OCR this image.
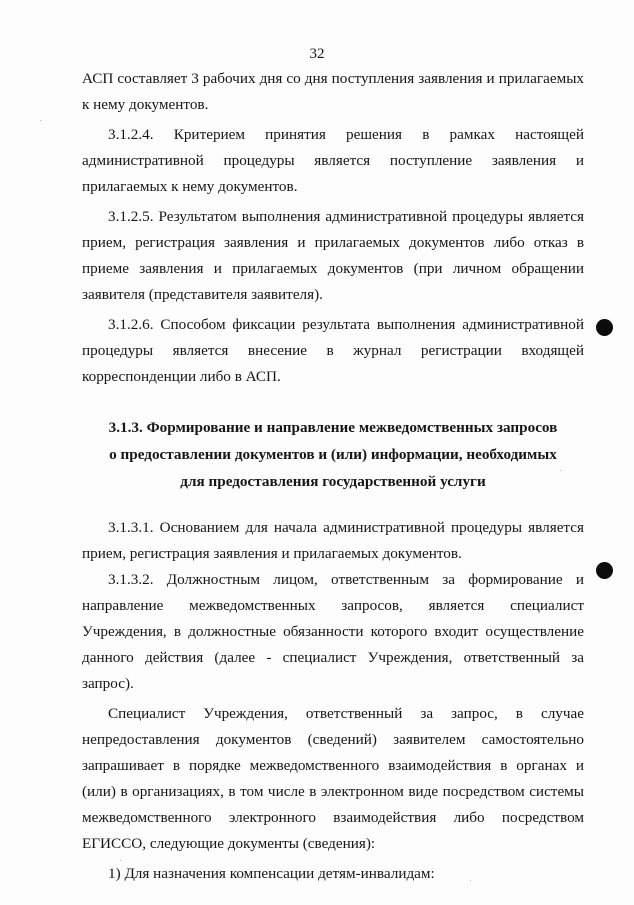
32

АСП составляет 3 рабочих дня со дня поступления заявления и прилагаемых к нему документов.

3.1.2.4. Критерием принятия решения в рамках настоящей административной процедуры является поступление заявления и прилагаемых к нему документов.

3.1.2.5. Результатом выполнения административной процедуры является прием, регистрация заявления и прилагаемых документов либо отказ в приеме заявления и прилагаемых документов (при личном обращении заявителя (представителя заявителя).

3.1.2.6. Способом фиксации результата выполнения административной процедуры является внесение в журнал регистрации входящей корреспонденции либо в АСП.

3.1.3. Формирование и направление межведомственных запросов
о предоставлении документов и (или) информации, необходимых
для предоставления государственной услуги

3.1.3.1. Основанием для начала административной процедуры является прием, регистрация заявления и прилагаемых документов.

3.1.3.2. Должностным лицом, ответственным за формирование и направление межведомственных запросов, является специалист Учреждения, в должностные обязанности которого входит осуществление данного действия (далее - специалист Учреждения, ответственный за запрос).

Специалист Учреждения, ответственный за запрос, в случае непредоставления документов (сведений) заявителем самостоятельно запрашивает в порядке межведомственного взаимодействия в органах и (или) в организациях, в том числе в электронном виде посредством системы межведомственного электронного взаимодействия либо посредством ЕГИССО, следующие документы (сведения):

1) Для назначения компенсации детям-инвалидам:
